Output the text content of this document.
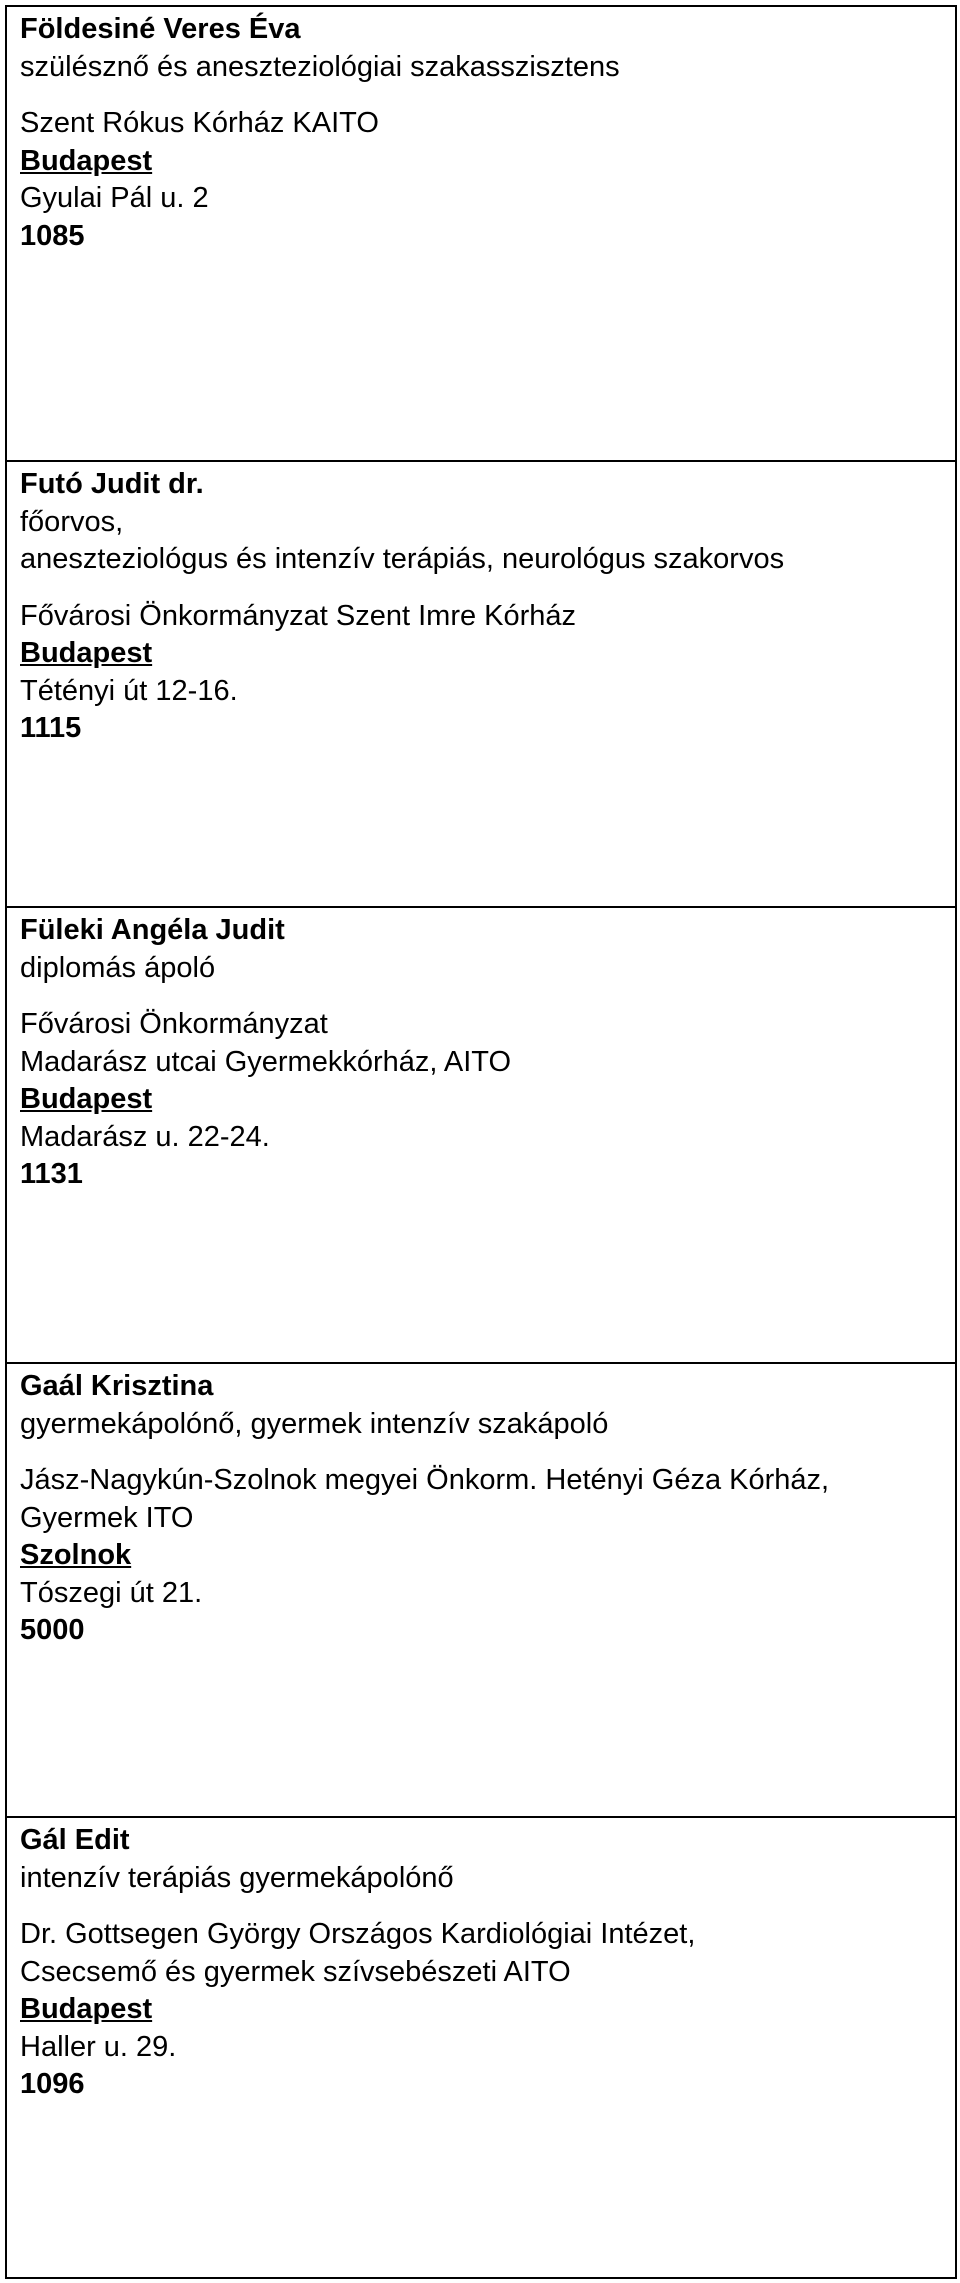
Földesiné Veres Éva
szülésznő és aneszteziológiai szakasszisztens
Szent Rókus Kórház KAITO
Budapest
Gyulai Pál u. 2
1085

Futó Judit dr.
főorvos,
aneszteziológus és intenzív terápiás, neurológus szakorvos
Fővárosi Önkormányzat Szent Imre Kórház
Budapest
Tétényi út 12-16.
1115

Füleki Angéla Judit
diplomás ápoló
Fővárosi Önkormányzat
Madarász utcai Gyermekkórház, AITO
Budapest
Madarász u. 22-24.
1131

Gaál Krisztina
gyermekápolónő, gyermek intenzív szakápoló
Jász-Nagykún-Szolnok megyei Önkorm. Hetényi Géza Kórház,
Gyermek ITO
Szolnok
Tószegi út 21.
5000

Gál Edit
intenzív terápiás gyermekápolónő
Dr. Gottsegen György Országos Kardiológiai Intézet,
Csecsemő és gyermek szívsebészeti AITO
Budapest
Haller u. 29.
1096
